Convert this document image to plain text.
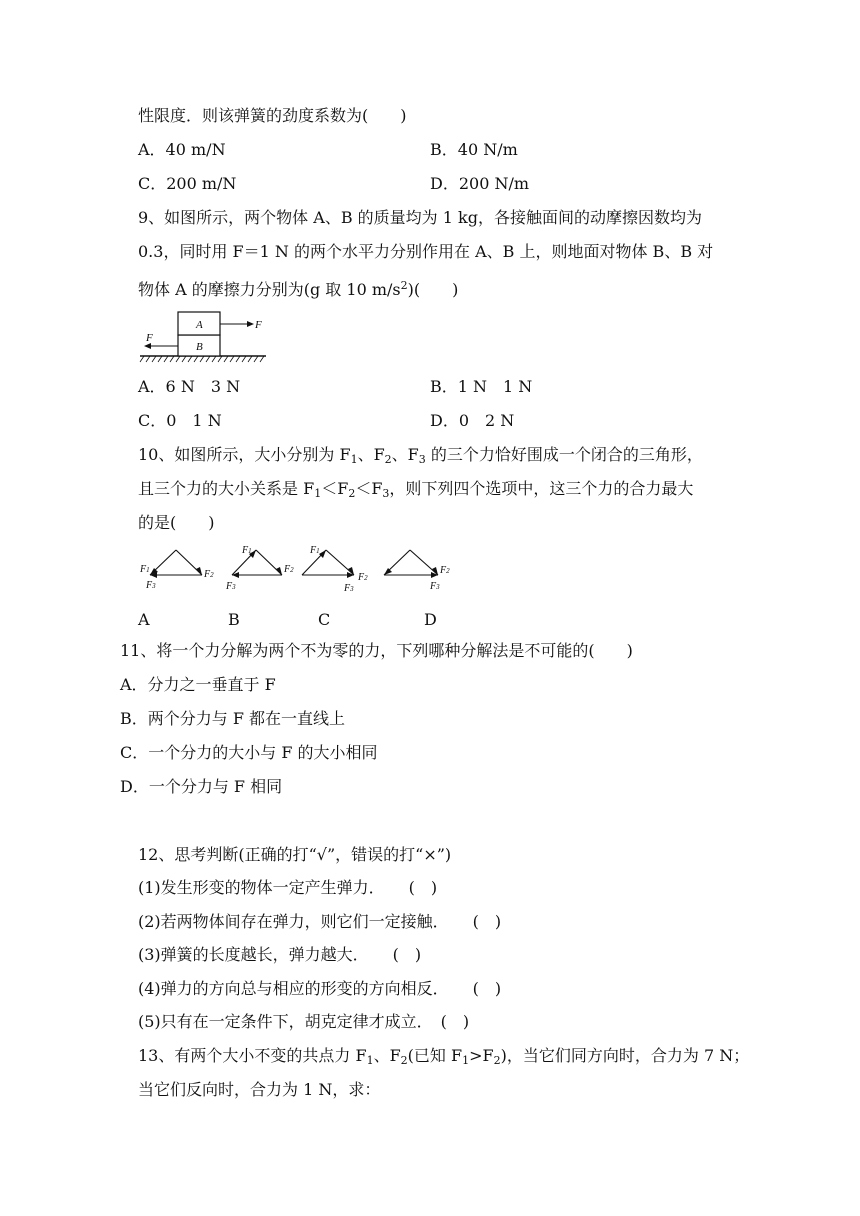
性限度．则该弹簧的劲度系数为(　　)
A．40 m/N	B．40 N/m
C．200 m/N	D．200 N/m
9、如图所示，两个物体 A、B 的质量均为 1 kg，各接触面间的动摩擦因数均为
0.3，同时用 F＝1 N 的两个水平力分别作用在 A、B 上，则地面对物体 B、B 对
物体 A 的摩擦力分别为(g 取 10 $m/s^2$)(　　)
A
B
F
F
A．6 N　3 N	B．1 N　1 N
C．0　1 N	D．0　2 N
10、如图所示，大小分别为 $F_1$、$F_2$、$F_3$ 的三个力恰好围成一个闭合的三角形，
且三个力的大小关系是 $F_1<F_2<F_3$，则下列四个选项中，这三个力的合力最大
的是(　　)
F1	F2
F3
F1
F2
F3
F1
F2
F3
F2
F3
A	B	C	D
11、将一个力分解为两个不为零的力，下列哪种分解法是不可能的(　　)
A．分力之一垂直于 F
B．两个分力与 F 都在一直线上
C．一个分力的大小与 F 的大小相同
D．一个分力与 F 相同
12、思考判断(正确的打“√”，错误的打“×”)
(1)发生形变的物体一定产生弹力．　　(　)
(2)若两物体间存在弹力，则它们一定接触．　　(　)
(3)弹簧的长度越长，弹力越大．　　(　)
(4)弹力的方向总与相应的形变的方向相反．　　(　)
(5)只有在一定条件下，胡克定律才成立．　(　)
13、有两个大小不变的共点力 $F_1$、$F_2$(已知 $F_1>F_2$)，当它们同方向时，合力为 7 N；
当它们反向时，合力为 1 N，求：
